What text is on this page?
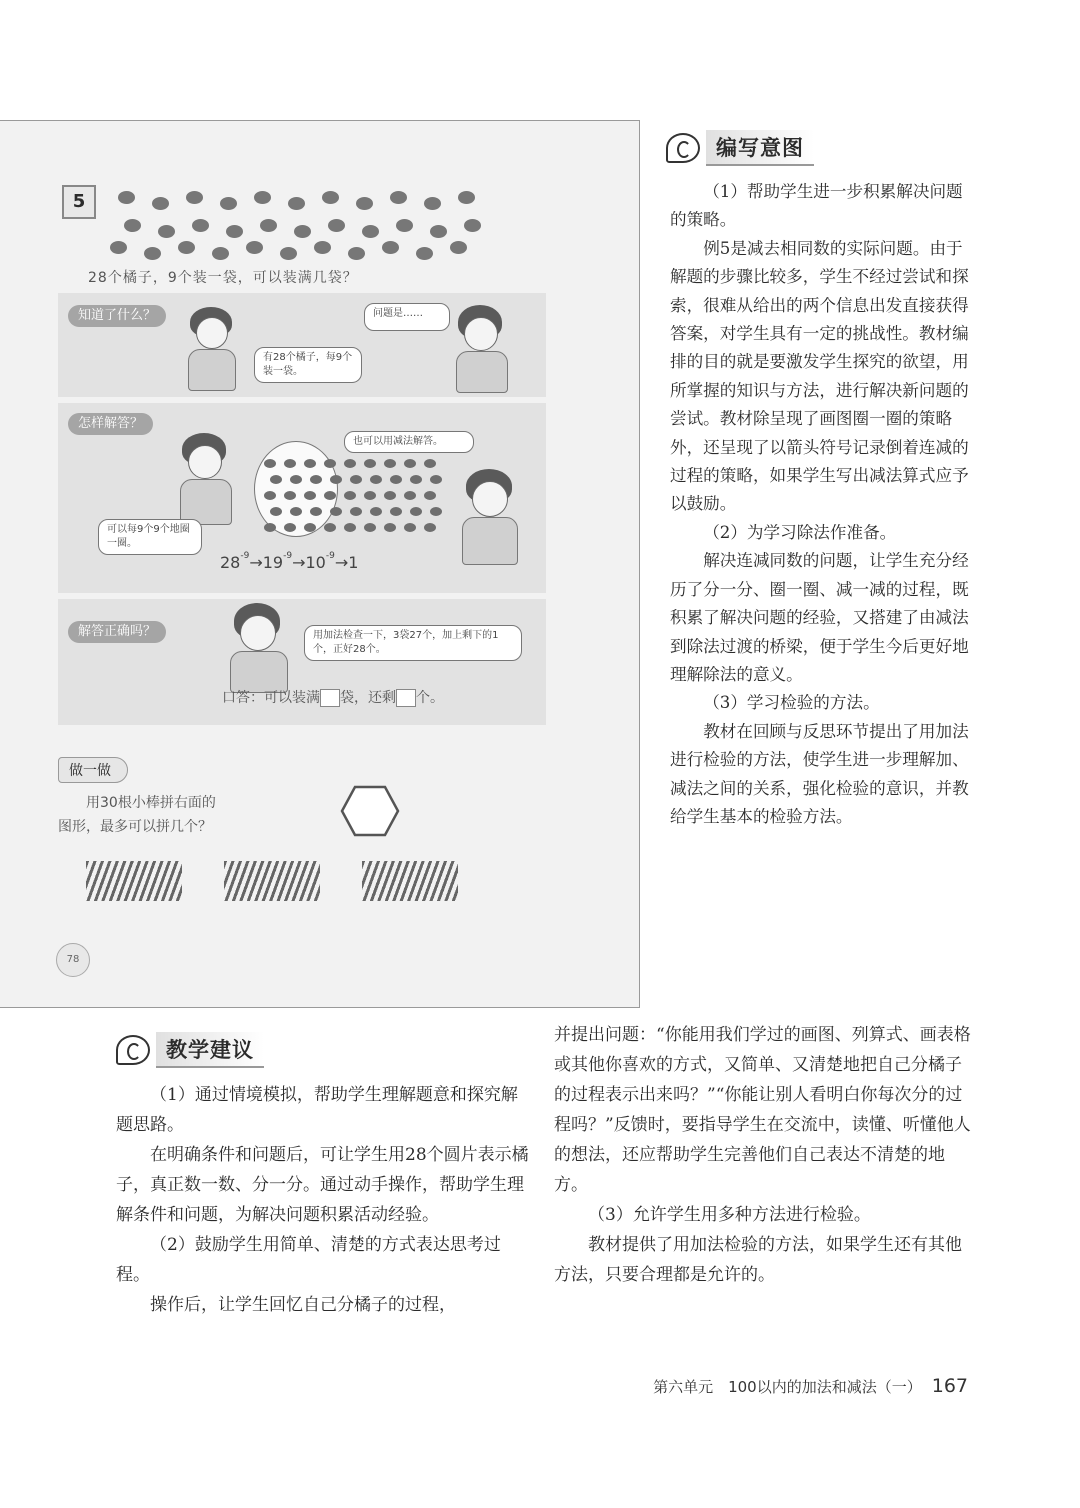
5
28个橘子，9个装一袋，可以装满几袋？
知道了什么？
有28个橘子，每9个装一袋。
问题是……
怎样解答？
也可以用减法解答。
可以每9个9个地圈一圈。
$28^{-9}\to 19^{-9}\to 10^{-9}\to 1$
解答正确吗？	用加法检查一下，3袋27个，加上剩下的1个，正好28个。
口答：可以装满 袋，还剩 个。
做一做
用30根小棒拼右面的
图形，最多可以拼几个？
78
编写意图

（1）帮助学生进一步积累解决问题的策略。

例5是减去相同数的实际问题。由于解题的步骤比较多，学生不经过尝试和探索，很难从给出的两个信息出发直接获得答案，对学生具有一定的挑战性。教材编排的目的就是要激发学生探究的欲望，用所掌握的知识与方法，进行解决新问题的尝试。教材除呈现了画图圈一圈的策略外，还呈现了以箭头符号记录倒着连减的过程的策略，如果学生写出减法算式应予以鼓励。

（2）为学习除法作准备。

解决连减同数的问题，让学生充分经历了分一分、圈一圈、减一减的过程，既积累了解决问题的经验，又搭建了由减法到除法过渡的桥梁，便于学生今后更好地理解除法的意义。

（3）学习检验的方法。

教材在回顾与反思环节提出了用加法进行检验的方法，使学生进一步理解加、减法之间的关系，强化检验的意识，并教给学生基本的检验方法。

教学建议

（1）通过情境模拟，帮助学生理解题意和探究解题思路。

在明确条件和问题后，可让学生用28个圆片表示橘子，真正数一数、分一分。通过动手操作，帮助学生理解条件和问题，为解决问题积累活动经验。

（2）鼓励学生用简单、清楚的方式表达思考过程。

操作后，让学生回忆自己分橘子的过程，

并提出问题：“你能用我们学过的画图、列算式、画表格或其他你喜欢的方式，又简单、又清楚地把自己分橘子的过程表示出来吗？”“你能让别人看明白你每次分的过程吗？”反馈时，要指导学生在交流中，读懂、听懂他人的想法，还应帮助学生完善他们自己表达不清楚的地方。

（3）允许学生用多种方法进行检验。

教材提供了用加法检验的方法，如果学生还有其他方法，只要合理都是允许的。

第六单元　100以内的加法和减法（一） 167
